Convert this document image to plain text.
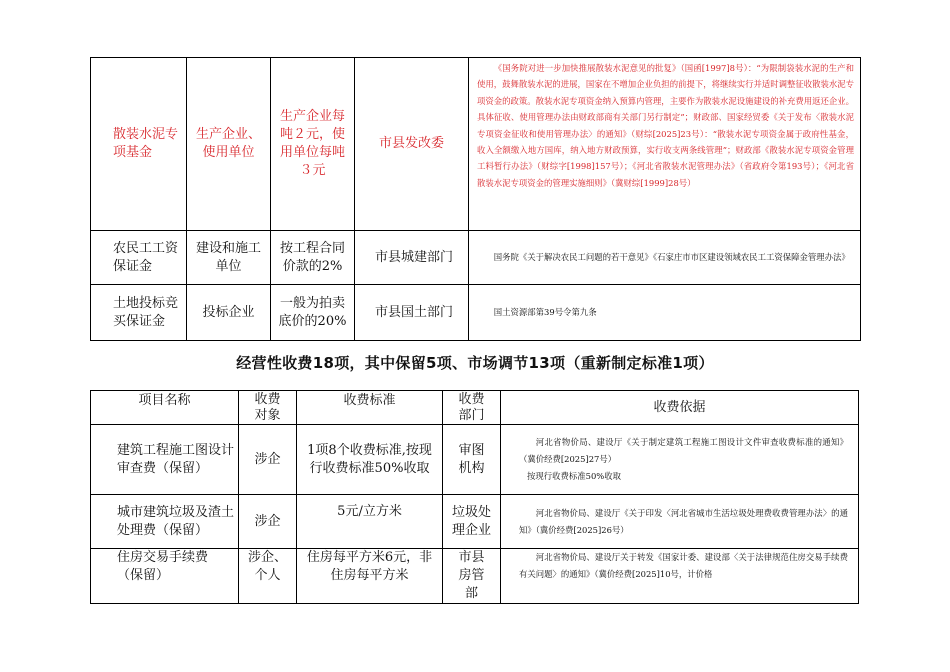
散装水泥专项基金	生产企业、使用单位	生产企业每吨２元，使用单位每吨３元	市县发改委	《国务院对进一步加快推展散装水泥意见的批复》（国函[1997]8号）：“为限制袋装水泥的生产和使用，鼓舞散装水泥的进展，国家在不增加企业负担的前提下，将继续实行并适时调整征收散装水泥专项资金的政策。散装水泥专项资金纳入预算内管理，主要作为散装水泥设施建设的补充费用返还企业。具体征收、使用管理办法由财政部商有关部门另行制定”；财政部、国家经贸委《关于发布〈散装水泥专项资金征收和使用管理办法〉的通知》（财综[2025]23号）：“散装水泥专项资金属于政府性基金，收入全额缴入地方国库，纳入地方财政预算，实行收支两条线管理”；财政部《散装水泥专项资金管理工料暂行办法》（财综字[1998]157号）；《河北省散装水泥管理办法》（省政府令第193号）；《河北省散装水泥专项资金的管理实施细则》（冀财综[1999]28号）

农民工工资保证金	建设和施工单位	按工程合同价款的2%	市县城建部门	国务院《关于解决农民工问题的若干意见》《石家庄市市区建设领域农民工工资保障金管理办法》

土地投标竞买保证金	投标企业	一般为拍卖底价的20%	市县国土部门	国土资源部第39号令第九条
经营性收费18项，其中保留5项、市场调节13项（重新制定标准1项）
项目名称	收费对象	收费标准	收费部门	收费依据

建筑工程施工图设计审查费（保留）	涉企	1项8个收费标准,按现行收费标准50%收取	审图机构	河北省物价局、建设厅《关于制定建筑工程施工图设计文件审查收费标准的通知》（冀价经费[2025]27号）
按现行收费标准50%收取

城市建筑垃圾及渣土处理费（保留）	涉企	5元/立方米	垃圾处理企业	河北省物价局、建设厅《关于印发〈河北省城市生活垃圾处理费收费管理办法〉的通知》（冀价经费[2025]26号）

住房交易手续费（保留）	涉企、个人	住房每平方米6元，非住房每平方米	市县房管部	河北省物价局、建设厅关于转发《国家计委、建设部〈关于法律规范住房交易手续费有关问题〉的通知》（冀价经费[2025]10号，计价格
